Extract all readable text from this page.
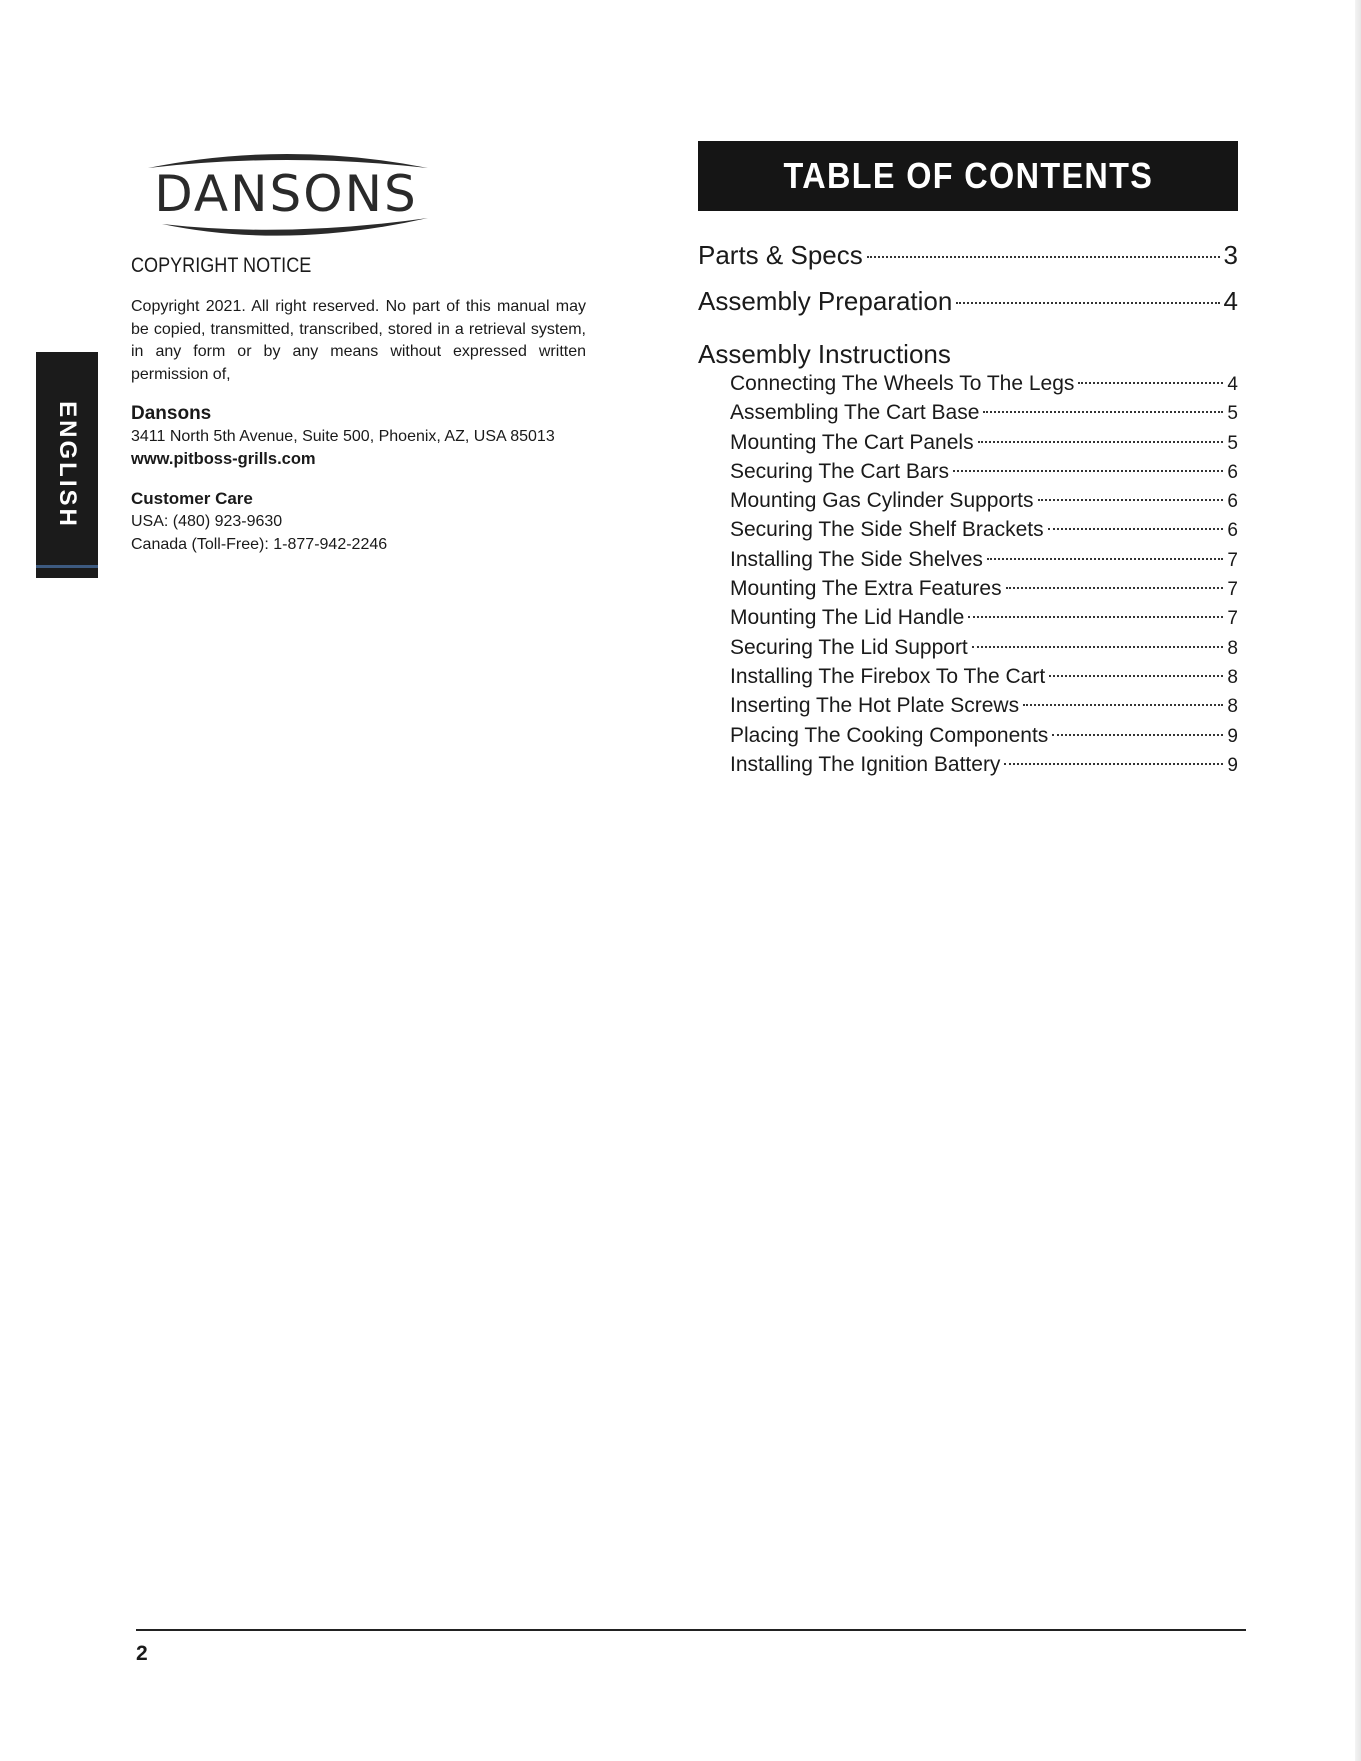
DANSONS
ENGLISH

COPYRIGHT NOTICE

Copyright 2021. All right reserved. No part of this manual may be copied, transmitted, transcribed, stored in a retrieval system, in any form or by any means without expressed written permission of,

Dansons

3411 North 5th Avenue, Suite 500, Phoenix, AZ, USA 85013

www.pitboss-grills.com

Customer Care

USA: (480) 923-9630

Canada (Toll-Free): 1-877-942-2246

TABLE OF CONTENTS
Parts & Specs	3
Assembly Preparation	4
Assembly Instructions
Connecting The Wheels To The Legs	4
Assembling The Cart Base	5
Mounting The Cart Panels	5
Securing The Cart Bars	6
Mounting Gas Cylinder Supports	6
Securing The Side Shelf Brackets	6
Installing The Side Shelves	7
Mounting The Extra Features	7
Mounting The Lid Handle	7
Securing The Lid Support	8
Installing The Firebox To The Cart	8
Inserting The Hot Plate Screws	8
Placing The Cooking Components	9
Installing The Ignition Battery	9
2
